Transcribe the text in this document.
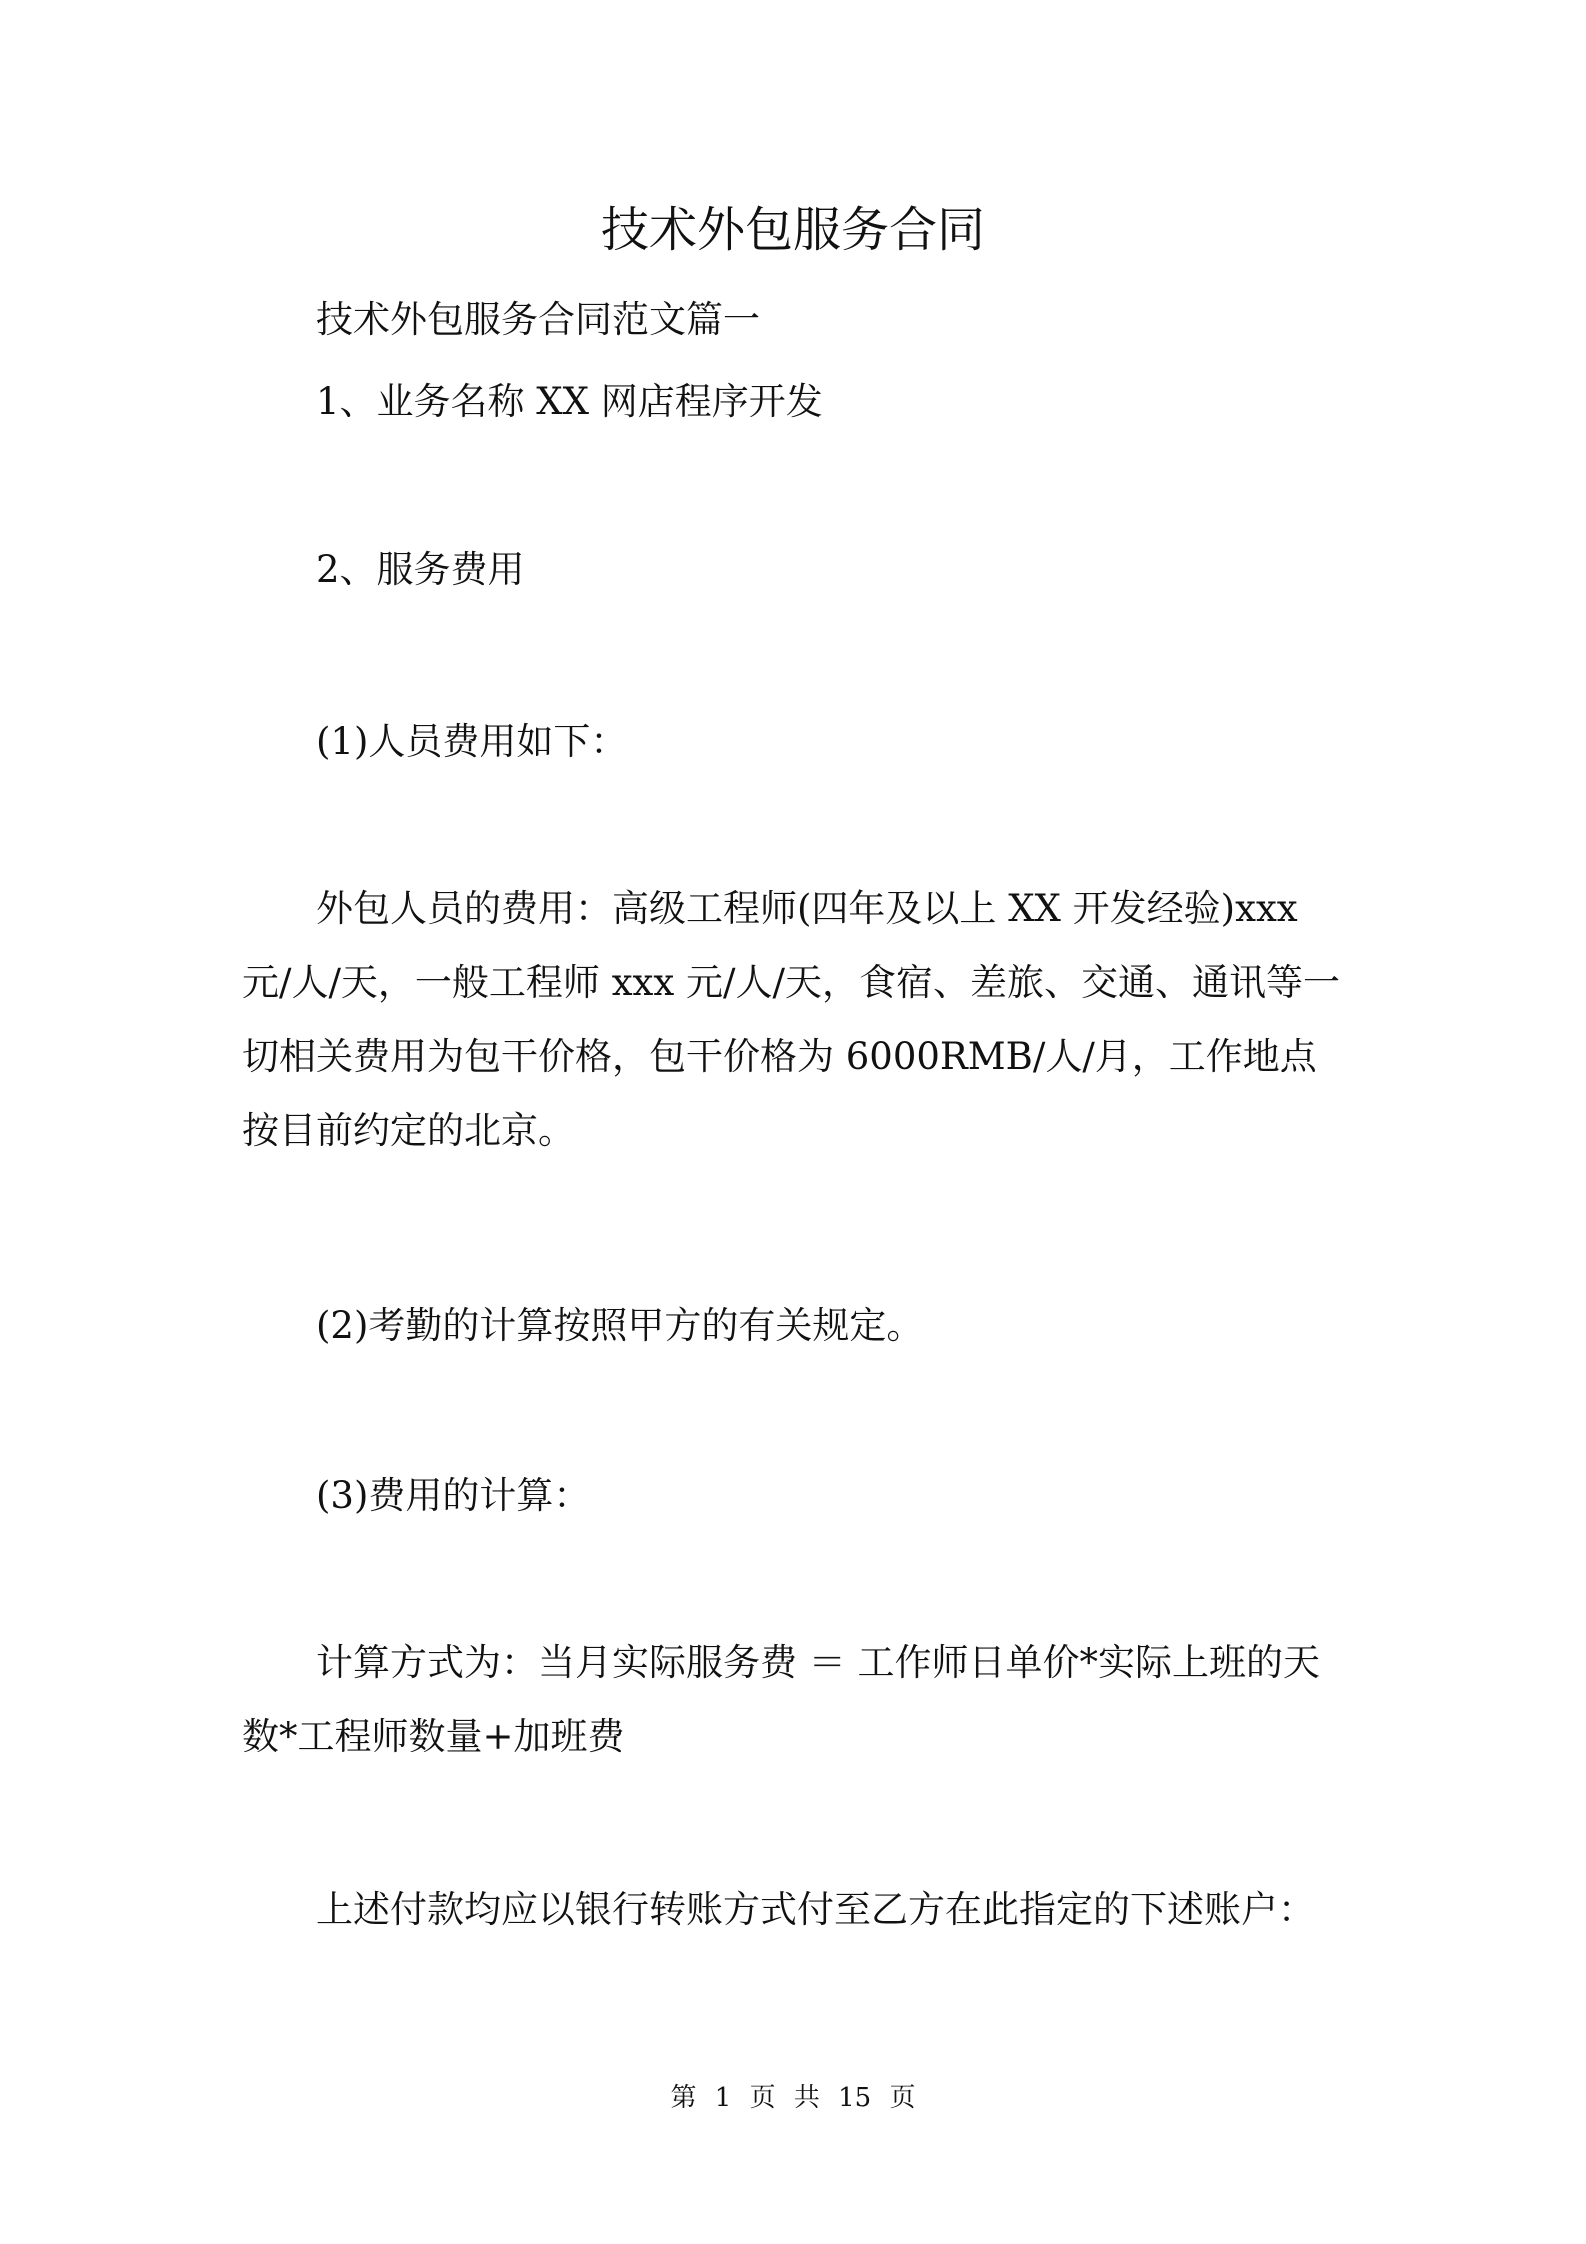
技术外包服务合同

技术外包服务合同范文篇一

1、业务名称 XX 网店程序开发

2、服务费用

(1)人员费用如下：

外包人员的费用：高级工程师(四年及以上 XX 开发经验)xxx 元/人/天，一般工程师 xxx 元/人/天，食宿、差旅、交通、通讯等一切相关费用为包干价格，包干价格为 6000RMB/人/月，工作地点按目前约定的北京。

(2)考勤的计算按照甲方的有关规定。

(3)费用的计算：

计算方式为：当月实际服务费 ＝ 工作师日单价*实际上班的天数*工程师数量+加班费

上述付款均应以银行转账方式付至乙方在此指定的下述账户：

第 1 页 共 15 页
